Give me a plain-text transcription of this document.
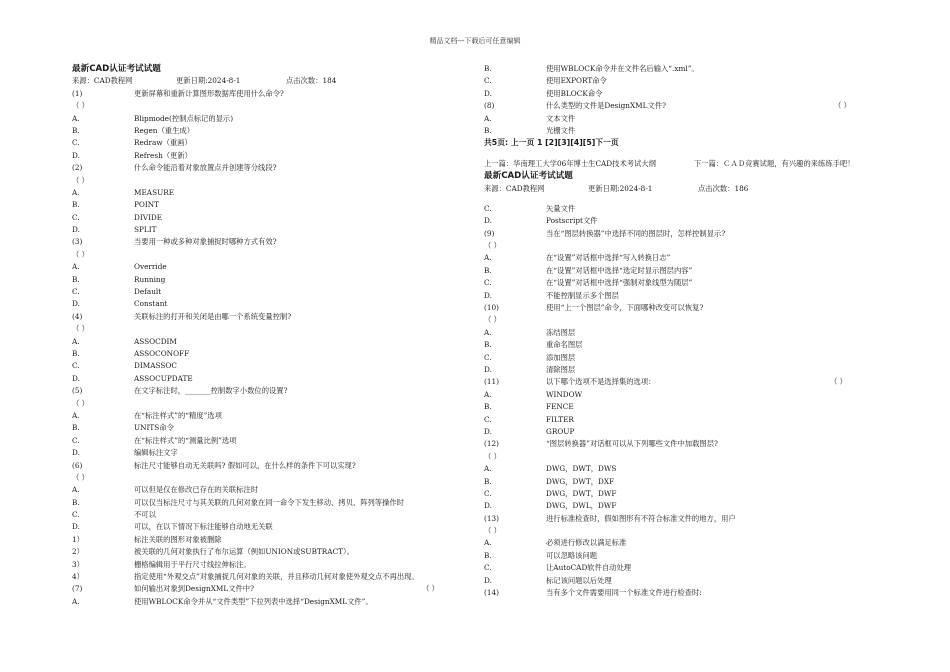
精品文档---下载后可任意编辑
最新CAD认证考试试题
来源：CAD教程网	更新日期:2024-8-1	点击次数：184
(1)	更新屏幕和重新计算图形数据库使用什么命令?
（ ）
A.	Blipmode(控制点标记的显示)
B.	Regen（重生成）
C.	Redraw（重画）
D.	Refresh（更新）
(2)	什么命令能沿着对象放置点并创建等分线段?
（ ）
A.	MEASURE
B.	POINT
C.	DIVIDE
D.	SPLIT
(3)	当要用一种或多种对象捕捉时哪种方式有效?
（ ）
A.	Override
B.	Running
C.	Default
D.	Constant
(4)	关联标注的打开和关闭是由哪一个系统变量控制?
（ ）
A.	ASSOCDIM
B.	ASSOCONOFF
C.	DIMASSOC
D.	ASSOCUPDATE
(5)	在文字标注时，_______控制数字小数位的设置?
（ ）
A.	在“标注样式”的“精度”选项
B.	UNITS命令
C.	在“标注样式”的“测量比例”选项
D.	编辑标注文字
(6)	标注尺寸能够自动无关联吗? 假如可以，在什么样的条件下可以实现?
（ ）
A.	可以但是仅在修改已存在的关联标注时
B.	可以仅当标注尺寸与其关联的几何对象在同一命令下发生移动、拷贝、阵列等操作时
C.	不可以
D.	可以，在以下情况下标注能够自动地无关联
1）	标注关联的图形对象被删除
2）	被关联的几何对象执行了布尔运算（例如UNION或SUBTRACT）。
3）	栅格编辑用于平行尺寸线拉伸标注。
4）	指定使用“外观交点”对象捕捉几何对象的关联，并且移动几何对象使外观交点不再出现。
(7)	如何输出对象到DesignXML文件中?	（ ）
A.	使用WBLOCK命令并从“文件类型”下拉列表中选择“DesignXML文件”。
B.	使用WBLOCK命令并在文件名后输入“.xml”。
C.	使用EXPORT命令
D.	使用BLOCK命令
(8)	什么类型的文件是DesignXML文件?	（ ）
A.	文本文件
B.	光栅文件
共5页: 上一页 1 [2][3][4][5]下一页
上一篇：华南理工大学06年博士生CAD技术考试大纲	下一篇：ＣＡＤ竞赛试题，有兴趣的来练练手吧！
最新CAD认证考试试题
来源：CAD教程网	更新日期:2024-8-1	点击次数：186
C.	矢量文件
D.	Postscript文件
(9)	当在“图层转换器”中选择不同的图层时，怎样控制显示?
（ ）
A.	在“设置”对话框中选择“写入转换日志”
B.	在“设置”对话框中选择“选定时显示图层内容”
C.	在“设置”对话框中选择“强制对象线型为随层”
D.	不能控制显示多个图层
(10)	使用“上一个图层”命令，下面哪种改变可以恢复?
（ ）
A.	冻结图层
B.	重命名图层
C.	添加图层
D.	清除图层
(11)	以下哪个选项不是选择集的选项：	（ ）
A.	WINDOW
B.	FENCE
C.	FILTER
D.	GROUP
(12)	“图层转换器”对话框可以从下列哪些文件中加载图层?
（ ）
A.	DWG，DWT，DWS
B.	DWG，DWT，DXF
C.	DWG，DWT，DWF
D.	DWG，DWL，DWF
(13)	进行标准检查时，假如图形有不符合标准文件的地方，用户
（ ）
A.	必须进行修改以满足标准
B.	可以忽略该问题
C.	让AutoCAD软件自动处理
D.	标记该问题以后处理
(14)	当有多个文件需要用同一个标准文件进行检查时:
